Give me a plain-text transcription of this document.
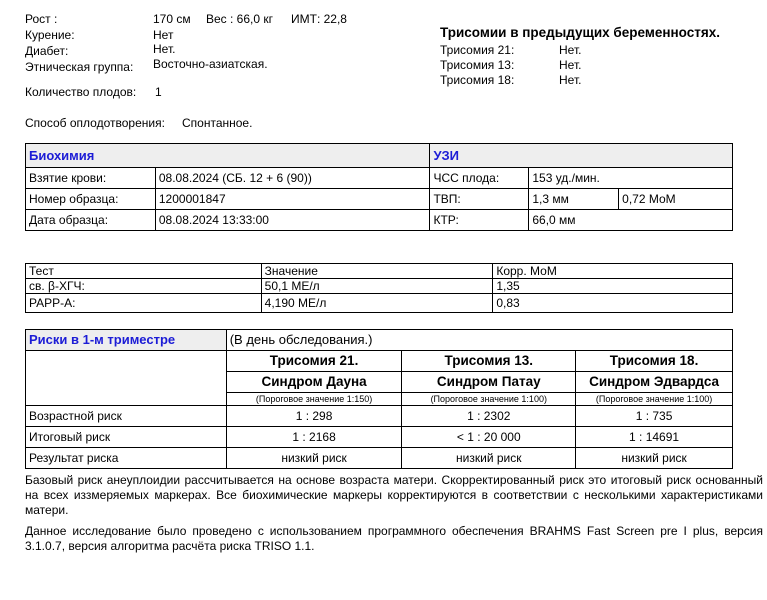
Рост :	170 см Вес : 66,0 кг ИМТ: 22,8
Курение:	Нет
Диабет:	Нет.
Этническая группа: Восточно-азиатская.
Количество плодов: 1
Способ оплодотворения: Спонтанное.
Трисомии в предыдущих беременностях.
Трисомия 21:	Нет.
Трисомия 13:	Нет.
Трисомия 18:	Нет.
Биохимия		УЗИ		
Взятие крови:	08.08.2024 (СБ. 12 + 6 (90))	ЧСС плода:	153 уд./мин.	
Номер образца:	1200001847	ТВП:	1,3 мм	0,72 МоМ
Дата образца:	08.08.2024 13:33:00	КТР:	66,0 мм	
Тест	Значение	Корр. МоМ
св. β-ХГЧ:	50,1 МЕ/л	1,35
PAPP-A:	4,190 МЕ/л	0,83
Риски в 1-м триместре	(В день обследования.)		
	Трисомия 21.	Трисомия 13.	Трисомия 18.
	Синдром Дауна	Синдром Патау	Синдром Эдвардса
	(Пороговое значение 1:150)	(Пороговое значение 1:100)	(Пороговое значение 1:100)
Возрастной риск	1 : 298	1 : 2302	1 : 735
Итоговый риск	1 : 2168	< 1 : 20 000	1 : 14691
Результат риска	низкий риск	низкий риск	низкий риск

Базовый риск анеуплоидии рассчитывается на основе возраста матери. Скорректированный риск это итоговый риск основанный на всех иззмеряемых маркерах. Все биохимические маркеры корректируются в соответствии с несколькими характеристиками матери.

Данное исследование было проведено с использованием программного обеспечения BRAHMS Fast Screen pre I plus, версия 3.1.0.7, версия алгоритма расчёта риска TRISO 1.1.
